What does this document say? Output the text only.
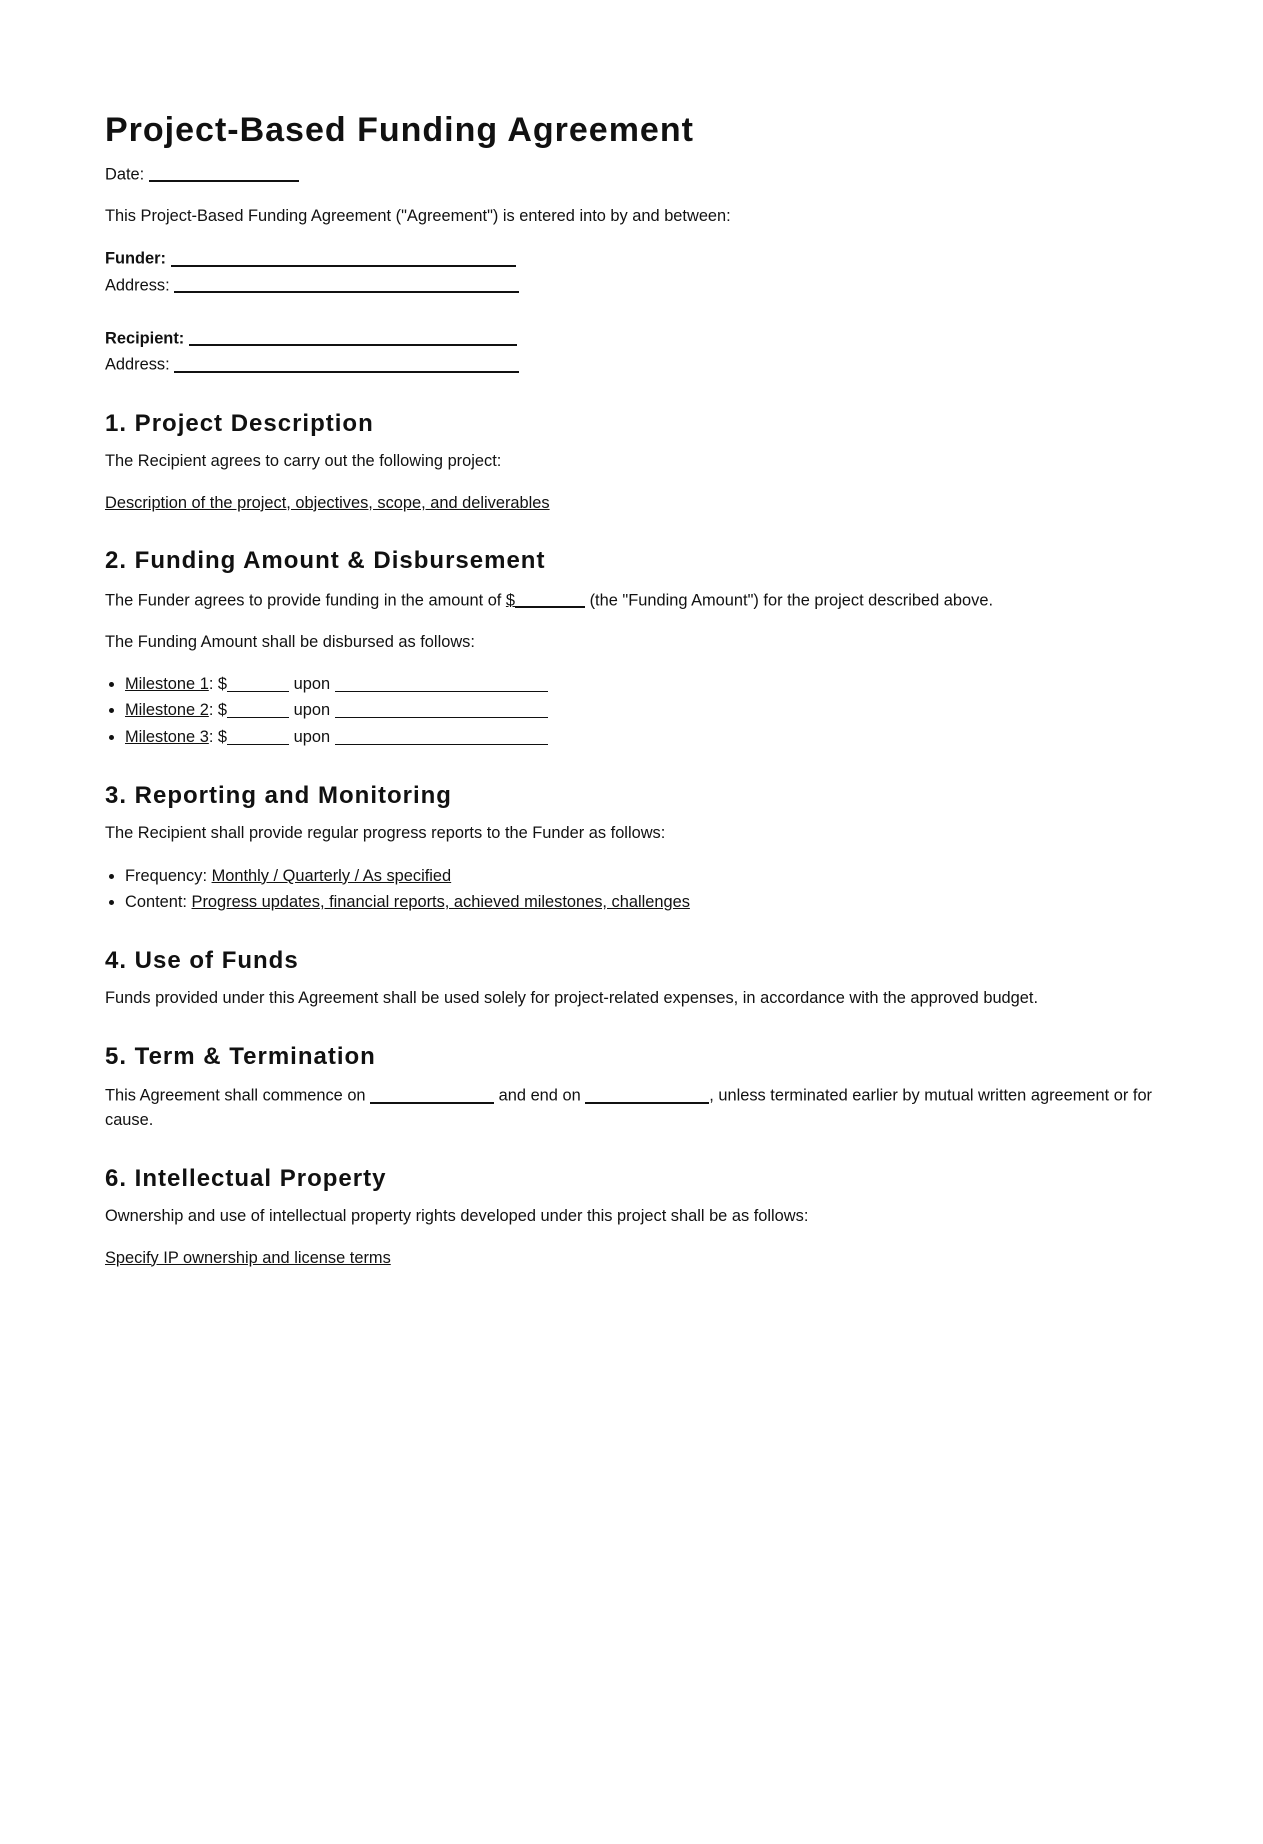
Project-Based Funding Agreement

Date:

This Project-Based Funding Agreement ("Agreement") is entered into by and between:

Funder:

Address:

Recipient:

Address:

1. Project Description

The Recipient agrees to carry out the following project:

Description of the project, objectives, scope, and deliverables

2. Funding Amount & Disbursement

The Funder agrees to provide funding in the amount of $	(the "Funding Amount") for the project described above.

The Funding Amount shall be disbursed as follows:

• Milestone 1: $	upon
• Milestone 2: $	upon
• Milestone 3: $	upon
3. Reporting and Monitoring

The Recipient shall provide regular progress reports to the Funder as follows:

• Frequency: Monthly / Quarterly / As specified
• Content: Progress updates, financial reports, achieved milestones, challenges
4. Use of Funds

Funds provided under this Agreement shall be used solely for project-related expenses, in accordance with the approved budget.

5. Term & Termination

This Agreement shall commence on	and end on	, unless terminated earlier by mutual written agreement or for cause.

6. Intellectual Property

Ownership and use of intellectual property rights developed under this project shall be as follows:

Specify IP ownership and license terms
